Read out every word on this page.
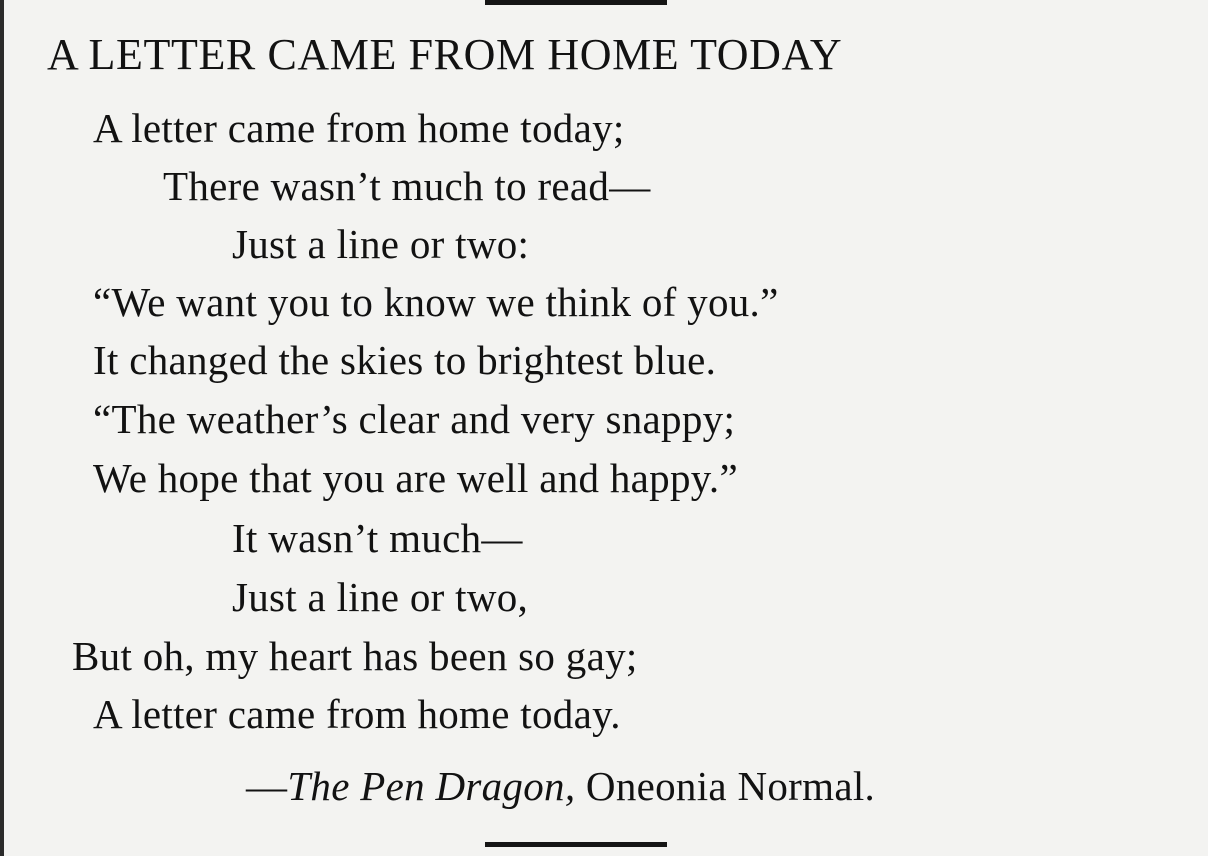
A LETTER CAME FROM HOME TODAY

A letter came from home today;

There wasn’t much to read—

Just a line or two:

“We want you to know we think of you.”

It changed the skies to brightest blue.

“The weather’s clear and very snappy;

We hope that you are well and happy.”

It wasn’t much—

Just a line or two,

But oh, my heart has been so gay;

A letter came from home today.

—The Pen Dragon, Oneonia Normal.
